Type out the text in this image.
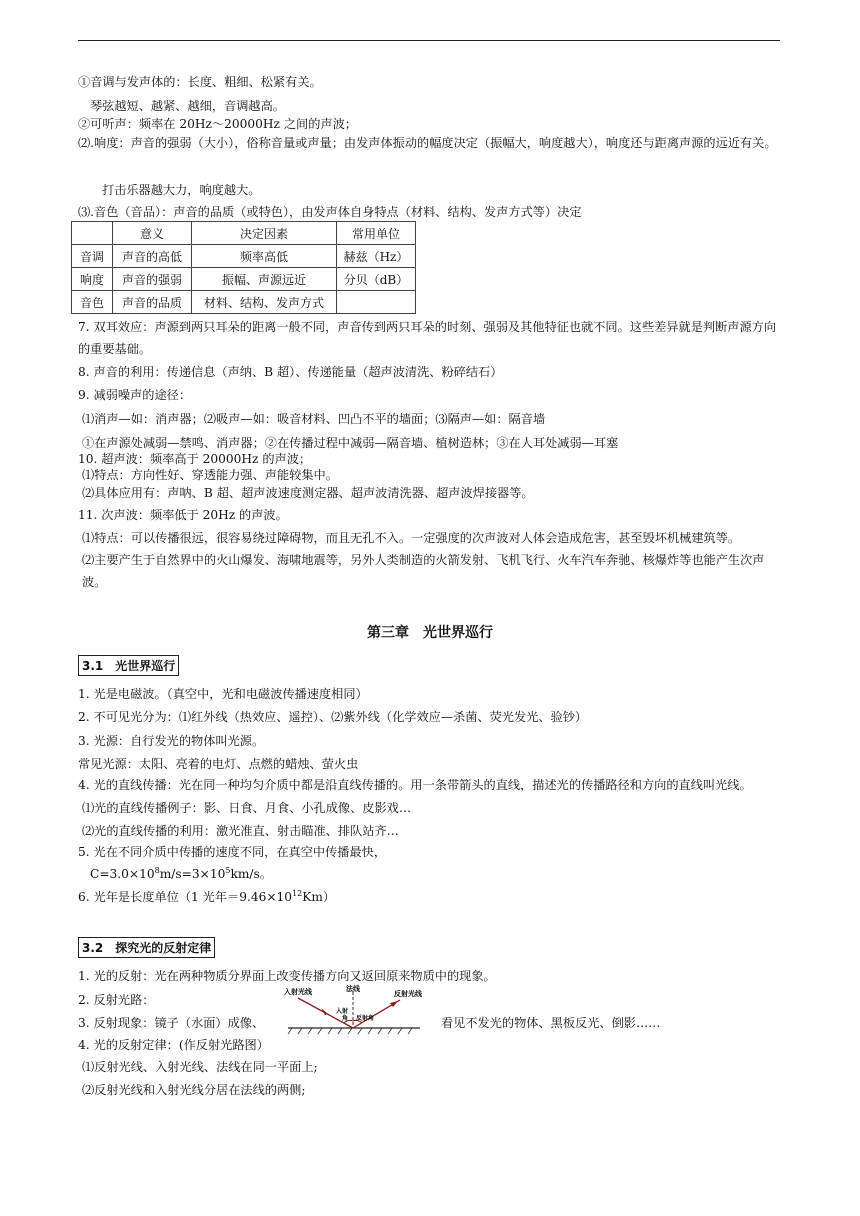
①音调与发声体的：长度、粗细、松紧有关。
琴弦越短、越紧、越细，音调越高。
②可听声：频率在 20Hz～20000Hz 之间的声波；
⑵.响度：声音的强弱（大小），俗称音量或声量；由发声体振动的幅度决定（振幅大，响度越大），响度还与距离声源的远近有关。
打击乐器越大力，响度越大。
⑶.音色（音品）：声音的品质（或特色），由发声体自身特点（材料、结构、发声方式等）决定
	意义	决定因素	常用单位
音调	声音的高低	频率高低	赫兹（Hz）
响度	声音的强弱	振幅、声源远近	分贝（dB）
音色	声音的品质	材料、结构、发声方式	
7. 双耳效应：声源到两只耳朵的距离一般不同，声音传到两只耳朵的时刻、强弱及其他特征也就不同。这些差异就是判断声源方向的重要基础。
8. 声音的利用：传递信息（声纳、B 超）、传递能量（超声波清洗、粉碎结石）
9. 减弱噪声的途径：
⑴消声—如：消声器；⑵吸声—如：吸音材料、凹凸不平的墙面；⑶隔声—如：隔音墙
①在声源处减弱—禁鸣、消声器；②在传播过程中减弱—隔音墙、植树造林；③在人耳处减弱—耳塞
10. 超声波：频率高于 20000Hz 的声波；
⑴特点：方向性好、穿透能力强、声能较集中。
⑵具体应用有：声呐、B 超、超声波速度测定器、超声波清洗器、超声波焊接器等。
11. 次声波：频率低于 20Hz 的声波。
⑴特点：可以传播很远，很容易绕过障碍物，而且无孔不入。一定强度的次声波对人体会造成危害，甚至毁坏机械建筑等。
⑵主要产生于自然界中的火山爆发、海啸地震等，另外人类制造的火箭发射、飞机飞行、火车汽车奔驰、核爆炸等也能产生次声波。
第三章　光世界巡行
3.1　光世界巡行
1. 光是电磁波。（真空中，光和电磁波传播速度相同）
2. 不可见光分为：⑴红外线（热效应、遥控）、⑵紫外线（化学效应—杀菌、荧光发光、验钞）
3. 光源：自行发光的物体叫光源。
常见光源：太阳、亮着的电灯、点燃的蜡烛、萤火虫
4. 光的直线传播：光在同一种均匀介质中都是沿直线传播的。用一条带箭头的直线，描述光的传播路径和方向的直线叫光线。
⑴光的直线传播例子：影、日食、月食、小孔成像、皮影戏…
⑵光的直线传播的利用：激光准直、射击瞄准、排队站齐…
5. 光在不同介质中传播的速度不同，在真空中传播最快，
$C=3.0\times 10^8m/s=3\times 10^5km/s$。
6. 光年是长度单位（1 光年$=9.46\times 10^{12}Km$）
3.2　探究光的反射定律
1. 光的反射：光在两种物质分界面上改变传播方向又返回原来物质中的现象。
2. 反射光路：
3. 反射现象：镜子（水面）成像、	看见不发光的物体、黑板反光、倒影……
4. 光的反射定律：(作反射光路图）
⑴反射光线、入射光线、法线在同一平面上;
⑵反射光线和入射光线分居在法线的两侧;
法线
入射光线	反射光线
入射
角 反射角
